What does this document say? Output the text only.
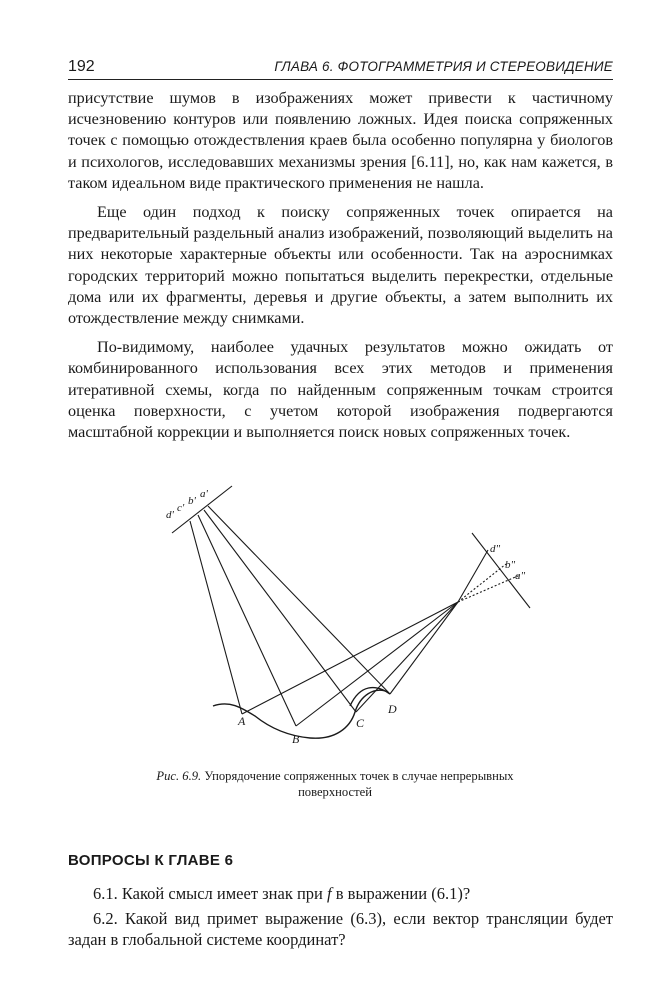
192	ГЛАВА 6. ФОТОГРАММЕТРИЯ И СТЕРЕОВИДЕНИЕ

присутствие шумов в изображениях может привести к частичному исчезновению контуров или появлению ложных. Идея поиска сопряженных точек с помощью отождествления краев была особенно популярна у биологов и психологов, исследовавших механизмы зрения [6.11], но, как нам кажется, в таком идеальном виде практического применения не нашла.

Еще один подход к поиску сопряженных точек опирается на предварительный раздельный анализ изображений, позволяющий выделить на них некоторые характерные объекты или особенности. Так на аэроснимках городских территорий можно попытаться выделить перекрестки, отдельные дома или их фрагменты, деревья и другие объекты, а затем выполнить их отождествление между снимками.

По-видимому, наиболее удачных результатов можно ожидать от комбинированного использования всех этих методов и применения итеративной схемы, когда по найденным сопряженным точкам строится оценка поверхности, с учетом которой изображения подвергаются масштабной коррекции и выполняется поиск новых сопряженных точек.

d'
c'
b'
a'
d"
b"
a"
A
B
C
D
Рис. 6.9. Упорядочение сопряженных точек в случае непрерывных поверхностей
ВОПРОСЫ К ГЛАВЕ 6

6.1. Какой смысл имеет знак при f в выражении (6.1)?

6.2. Какой вид примет выражение (6.3), если вектор трансляции будет задан в глобальной системе координат?
